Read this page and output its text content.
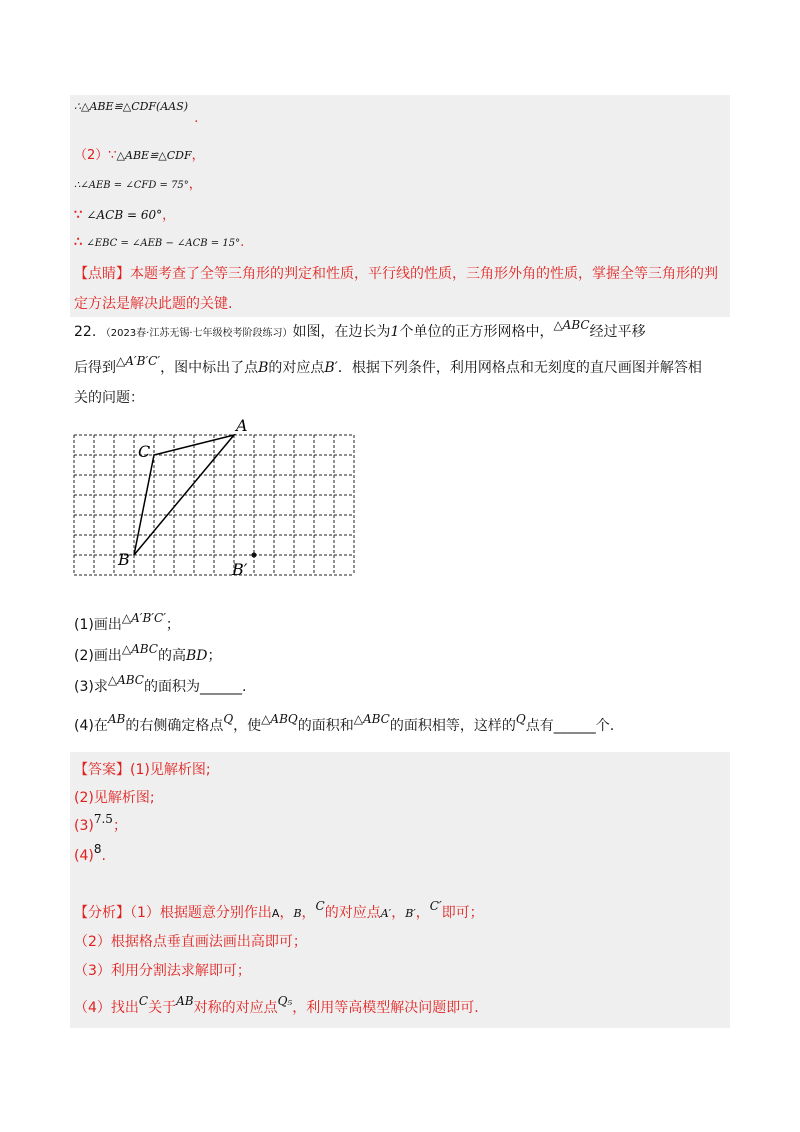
∴△ABE≌△CDF(AAS) .
（2）∵△ABE≌△CDF，
∴∠AEB = ∠CFD = 75°，
∵ ∠ACB = 60°，
∴ ∠EBC = ∠AEB − ∠ACB = 15°.
【点睛】本题考查了全等三角形的判定和性质，平行线的性质，三角形外角的性质，掌握全等三角形的判定方法是解决此题的关键.
22. （2023春·江苏无锡·七年级校考阶段练习）如图，在边长为1个单位的正方形网格中，△ABC经过平移
后得到△A′B′C′，图中标出了点B的对应点B′．根据下列条件，利用网格点和无刻度的直尺画图并解答相
关的问题：
A
B
C
B′
(1)画出△A′B′C′；
(2)画出△ABC的高BD；
(3)求△ABC的面积为______.
(4)在AB的右侧确定格点Q，使△ABQ的面积和△ABC的面积相等，这样的Q点有______个.
【答案】(1)见解析图;
(2)见解析图;
(3)7.5；
(4)8.
【分析】（1）根据题意分别作出A，B，C的对应点A′，B′，C′即可；
（2）根据格点垂直画法画出高即可；
（3）利用分割法求解即可；
（4）找出C关于AB对称的对应点Q₅，利用等高模型解决问题即可.
